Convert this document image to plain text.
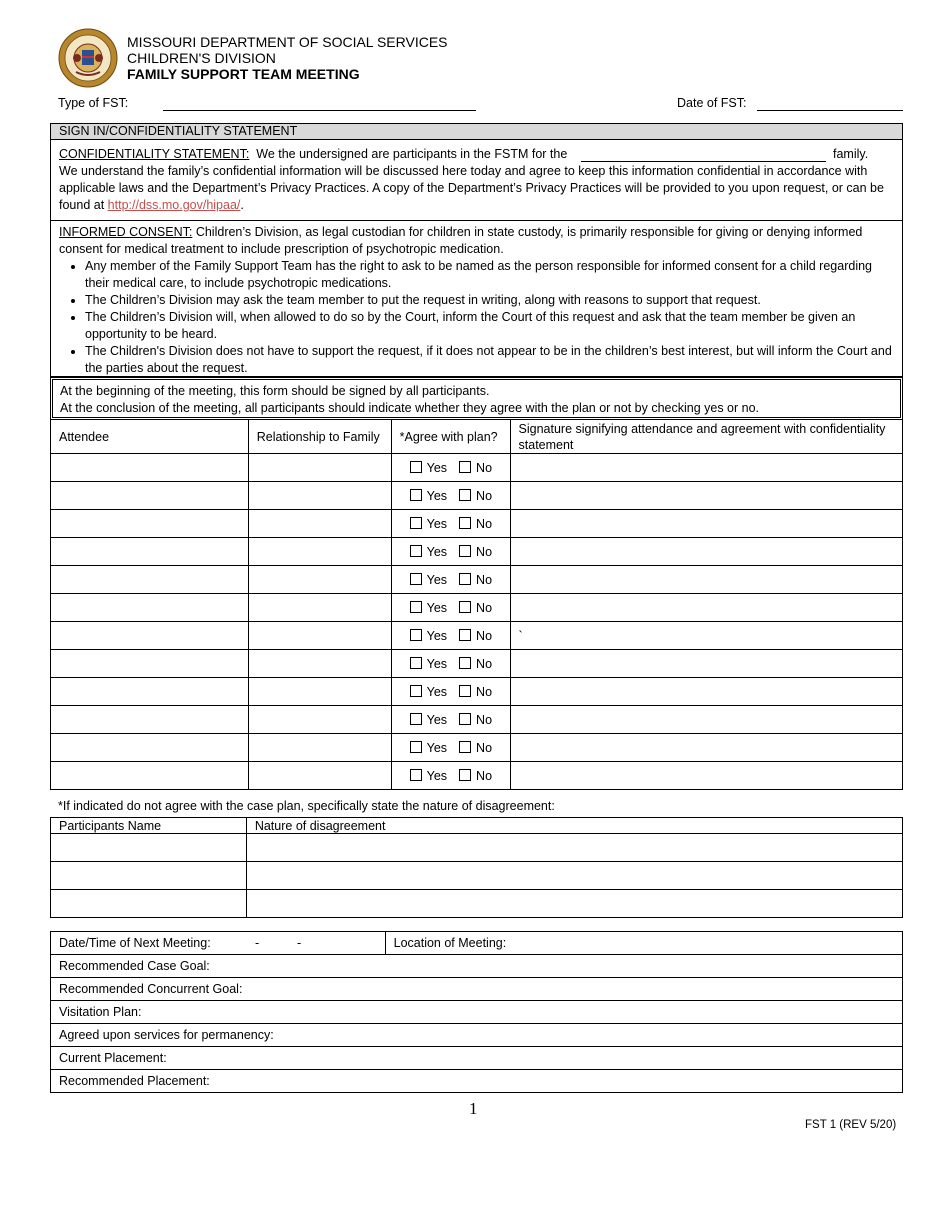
MISSOURI DEPARTMENT OF SOCIAL SERVICES
CHILDREN'S DIVISION
FAMILY SUPPORT TEAM MEETING
Type of FST:	Date of FST:
SIGN IN/CONFIDENTIALITY STATEMENT
CONFIDENTIALITY STATEMENT: We the undersigned are participants in the FSTM for the	family.
We understand the family’s confidential information will be discussed here today and agree to keep this information confidential in accordance with applicable laws and the Department’s Privacy Practices. A copy of the Department’s Privacy Practices will be provided to you upon request, or can be found at http://dss.mo.gov/hipaa/.
INFORMED CONSENT: Children’s Division, as legal custodian for children in state custody, is primarily responsible for giving or denying informed consent for medical treatment to include prescription of psychotropic medication.
• Any member of the Family Support Team has the right to ask to be named as the person responsible for informed consent for a child regarding their medical care, to include psychotropic medications.
• The Children’s Division may ask the team member to put the request in writing, along with reasons to support that request.
• The Children’s Division will, when allowed to do so by the Court, inform the Court of this request and ask that the team member be given an opportunity to be heard.
• The Children's Division does not have to support the request, if it does not appear to be in the children’s best interest, but will inform the Court and the parties about the request.
At the beginning of the meeting, this form should be signed by all participants.
At the conclusion of the meeting, all participants should indicate whether they agree with the plan or not by checking yes or no.
Attendee	Relationship to Family	*Agree with plan?	Signature signifying attendance and agreement with confidentiality statement
		Yes No	
		Yes No	
		Yes No	
		Yes No	
		Yes No	
		Yes No	
		Yes No	`
		Yes No	
		Yes No	
		Yes No	
		Yes No	
		Yes No	
*If indicated do not agree with the case plan, specifically state the nature of disagreement:
Participants Name	Nature of disagreement

Date/Time of Next Meeting:	-	-	Location of Meeting:
Recommended Case Goal:
Recommended Concurrent Goal:
Visitation Plan:
Agreed upon services for permanency:
Current Placement:
Recommended Placement:
1
FST 1 (REV 5/20)
